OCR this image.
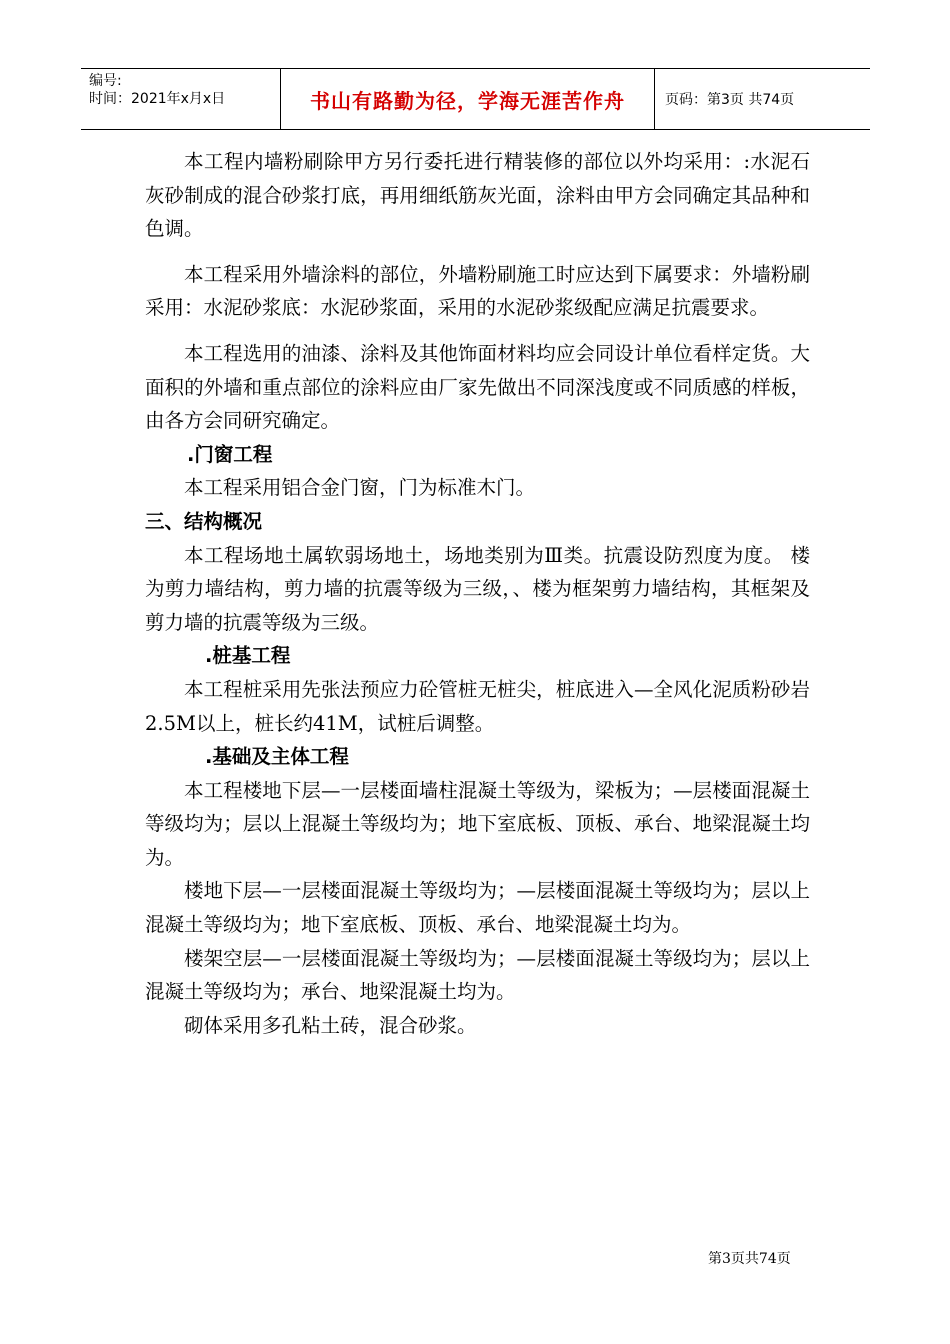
编号:
时间：2021年x月x日	书山有路勤为径，学海无涯苦作舟	页码：第3页 共74页

本工程内墙粉刷除甲方另行委托进行精装修的部位以外均采用：:水泥石灰砂制成的混合砂浆打底，再用细纸筋灰光面，涂料由甲方会同确定其品种和色调。

本工程采用外墙涂料的部位，外墙粉刷施工时应达到下属要求：外墙粉刷采用：水泥砂浆底：水泥砂浆面，采用的水泥砂浆级配应满足抗震要求。

本工程选用的油漆、涂料及其他饰面材料均应会同设计单位看样定货。大面积的外墙和重点部位的涂料应由厂家先做出不同深浅度或不同质感的样板，由各方会同研究确定。

.门窗工程

本工程采用铝合金门窗，门为标准木门。

三、结构概况

本工程场地土属软弱场地土，场地类别为Ⅲ类。抗震设防烈度为度。 楼为剪力墙结构，剪力墙的抗震等级为三级，、楼为框架剪力墙结构，其框架及剪力墙的抗震等级为三级。

.桩基工程

本工程桩采用先张法预应力砼管桩无桩尖，桩底进入—全风化泥质粉砂岩2.5M以上，桩长约41M，试桩后调整。

.基础及主体工程

本工程楼地下层—一层楼面墙柱混凝土等级为，梁板为；—层楼面混凝土等级均为；层以上混凝土等级均为；地下室底板、顶板、承台、地梁混凝土均为。

楼地下层—一层楼面混凝土等级均为；—层楼面混凝土等级均为；层以上混凝土等级均为；地下室底板、顶板、承台、地梁混凝土均为。

楼架空层—一层楼面混凝土等级均为；—层楼面混凝土等级均为；层以上混凝土等级均为；承台、地梁混凝土均为。

砌体采用多孔粘土砖，混合砂浆。

第3页共74页
